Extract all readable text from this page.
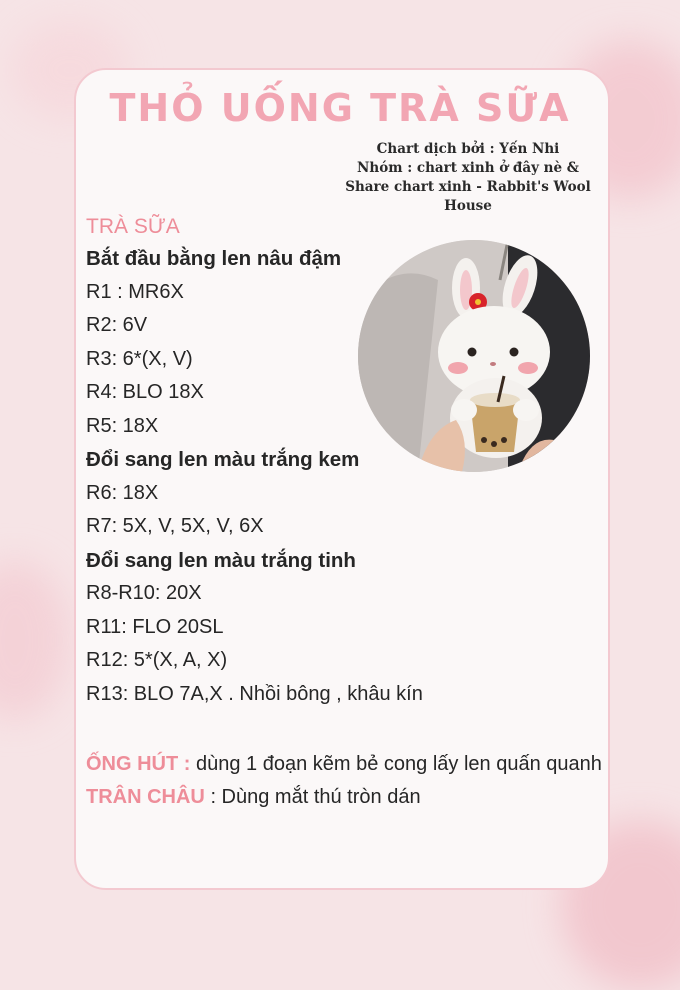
THỎ UỐNG TRÀ SỮA
Chart dịch bởi : Yến Nhi
Nhóm : chart xinh ở đây nè &
Share chart xinh - Rabbit's Wool
House
TRÀ SỮA
Bắt đầu bằng len nâu đậm
R1 : MR6X
R2: 6V
R3: 6*(X, V)
R4: BLO 18X
R5: 18X
Đổi sang len màu trắng kem
R6: 18X
R7: 5X, V, 5X, V, 6X
Đổi sang len màu trắng tinh
R8-R10: 20X
R11: FLO 20SL
R12: 5*(X, A, X)
R13: BLO 7A,X . Nhồi bông , khâu kín
ỐNG HÚT : dùng 1 đoạn kẽm bẻ cong lấy len quấn quanh
TRÂN CHÂU : Dùng mắt thú tròn dán
